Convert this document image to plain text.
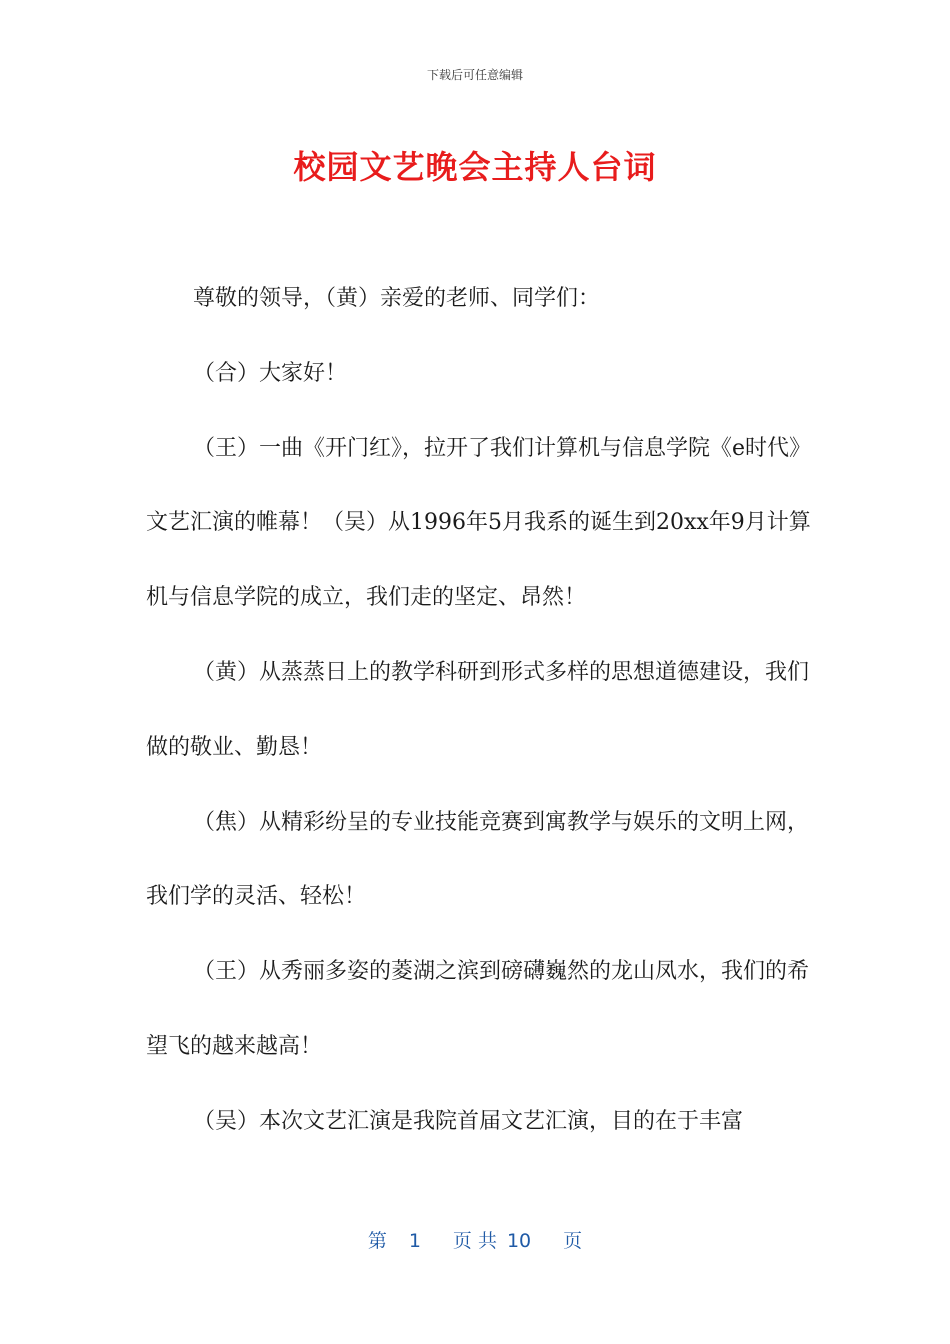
下载后可任意编辑
校园文艺晚会主持人台词

尊敬的领导，（黄）亲爱的老师、同学们：

（合）大家好！

（王）一曲《开门红》，拉开了我们计算机与信息学院《e时代》文艺汇演的帷幕！（吴）从1996年5月我系的诞生到20xx年9月计算机与信息学院的成立，我们走的坚定、昂然！

（黄）从蒸蒸日上的教学科研到形式多样的思想道德建设，我们做的敬业、勤恳！

（焦）从精彩纷呈的专业技能竞赛到寓教学与娱乐的文明上网，我们学的灵活、轻松！

（王）从秀丽多姿的菱湖之滨到磅礴巍然的龙山凤水，我们的希望飞的越来越高！

（吴）本次文艺汇演是我院首届文艺汇演，目的在于丰富

第 1 页 共 10 页
